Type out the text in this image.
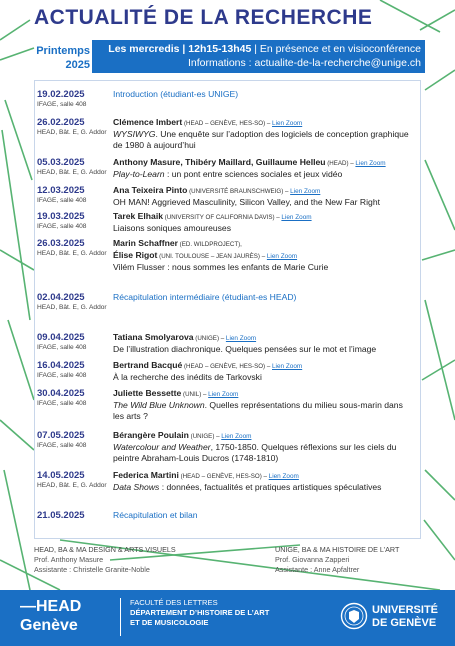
ACTUALITÉ DE LA RECHERCHE
Printemps
2025
Les mercredis | 12h15-13h45 | En présence et en visioconférence
Informations : actualite-de-la-recherche@unige.ch
19.02.2025
IFAGE, salle 408
Introduction (étudiant-es UNIGE)
26.02.2025
HEAD, Bât. E, G. Addor
Clémence Imbert (HEAD – GENÈVE, HES-SO) – Lien Zoom
WYSIWYG. Une enquête sur l’adoption des logiciels de conception graphique de 1980 à aujourd’hui
05.03.2025
HEAD, Bât. E, G. Addor
Anthony Masure, Thibéry Maillard, Guillaume Helleu (HEAD) – Lien Zoom
Play-to-Learn : un pont entre sciences sociales et jeux vidéo
12.03.2025
IFAGE, salle 408
Ana Teixeira Pinto (UNIVERSITÉ BRAUNSCHWEIG) – Lien Zoom
OH MAN! Aggrieved Masculinity, Silicon Valley, and the New Far Right
19.03.2025
IFAGE, salle 408
Tarek Elhaik (UNIVERSITY OF CALIFORNIA DAVIS) – Lien Zoom
Liaisons soniques amoureuses
26.03.2025
HEAD, Bât. E, G. Addor
Marin Schaffner (ED. WILDPROJECT),
Élise Rigot (UNI. TOULOUSE – JEAN JAURÈS) – Lien Zoom
Vilém Flusser : nous sommes les enfants de Marie Curie
02.04.2025
HEAD, Bât. E, G. Addor
Récapitulation intermédiaire (étudiant-es HEAD)
09.04.2025
IFAGE, salle 408
Tatiana Smolyarova (UNIGE) – Lien Zoom
De l’illustration diachronique. Quelques pensées sur le mot et l’image
16.04.2025
IFAGE, salle 408
Bertrand Bacqué (HEAD – GENÈVE, HES-SO) – Lien Zoom
À la recherche des inédits de Tarkovski
30.04.2025
IFAGE, salle 408
Juliette Bessette (UNIL) – Lien Zoom
The Wild Blue Unknown. Quelles représentations du milieu sous-marin dans les arts ?
07.05.2025
IFAGE, salle 408
Bérangère Poulain (UNIGE) – Lien Zoom
Watercolour and Weather, 1750-1850. Quelques réflexions sur les ciels du peintre Abraham-Louis Ducros (1748-1810)
14.05.2025
HEAD, Bât. E, G. Addor
Federica Martini (HEAD – GENÈVE, HES-SO) – Lien Zoom
Data Shows : données, factualités et pratiques artistiques spéculatives
21.05.2025	Récapitulation et bilan
HEAD, BA & MA DESIGN & ARTS VISUELS
Prof. Anthony Masure
Assistante : Christelle Granite-Noble
UNIGE, BA & MA HISTOIRE DE L’ART
Prof. Giovanna Zapperi
Assistante : Anne Apfaltrer
—HEAD
Genève
FACULTÉ DES LETTRES
DÉPARTEMENT D’HISTOIRE DE L’ART
ET DE MUSICOLOGIE
UNIVERSITÉ
DE GENÈVE
